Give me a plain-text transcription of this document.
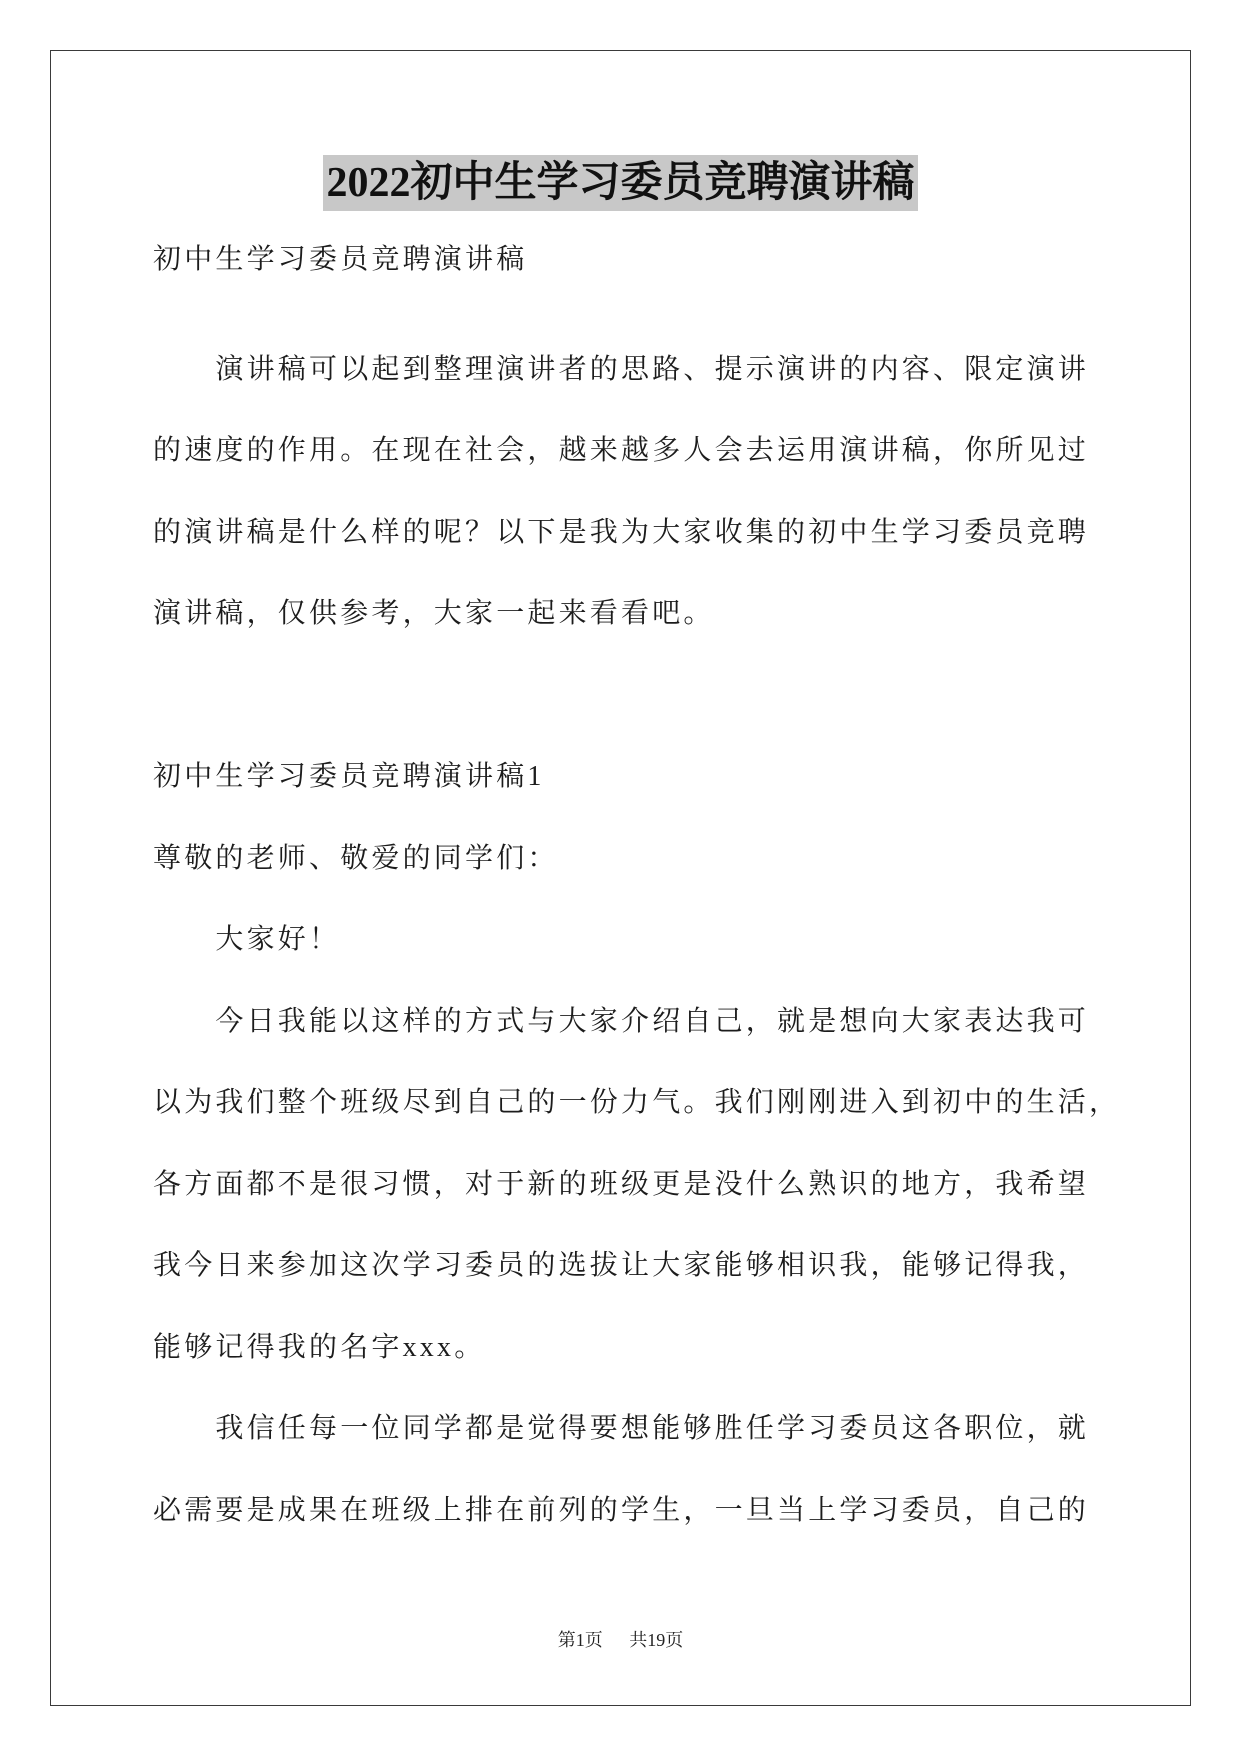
2022初中生学习委员竞聘演讲稿
初中生学习委员竞聘演讲稿
演讲稿可以起到整理演讲者的思路、提示演讲的内容、限定演讲
的速度的作用。在现在社会，越来越多人会去运用演讲稿，你所见过
的演讲稿是什么样的呢？以下是我为大家收集的初中生学习委员竞聘
演讲稿，仅供参考，大家一起来看看吧。
初中生学习委员竞聘演讲稿1
尊敬的老师、敬爱的同学们：
大家好！
今日我能以这样的方式与大家介绍自己，就是想向大家表达我可
以为我们整个班级尽到自己的一份力气。我们刚刚进入到初中的生活，
各方面都不是很习惯，对于新的班级更是没什么熟识的地方，我希望
我今日来参加这次学习委员的选拔让大家能够相识我，能够记得我，
能够记得我的名字xxx。
我信任每一位同学都是觉得要想能够胜任学习委员这各职位，就
必需要是成果在班级上排在前列的学生，一旦当上学习委员，自己的
第1页 共19页
